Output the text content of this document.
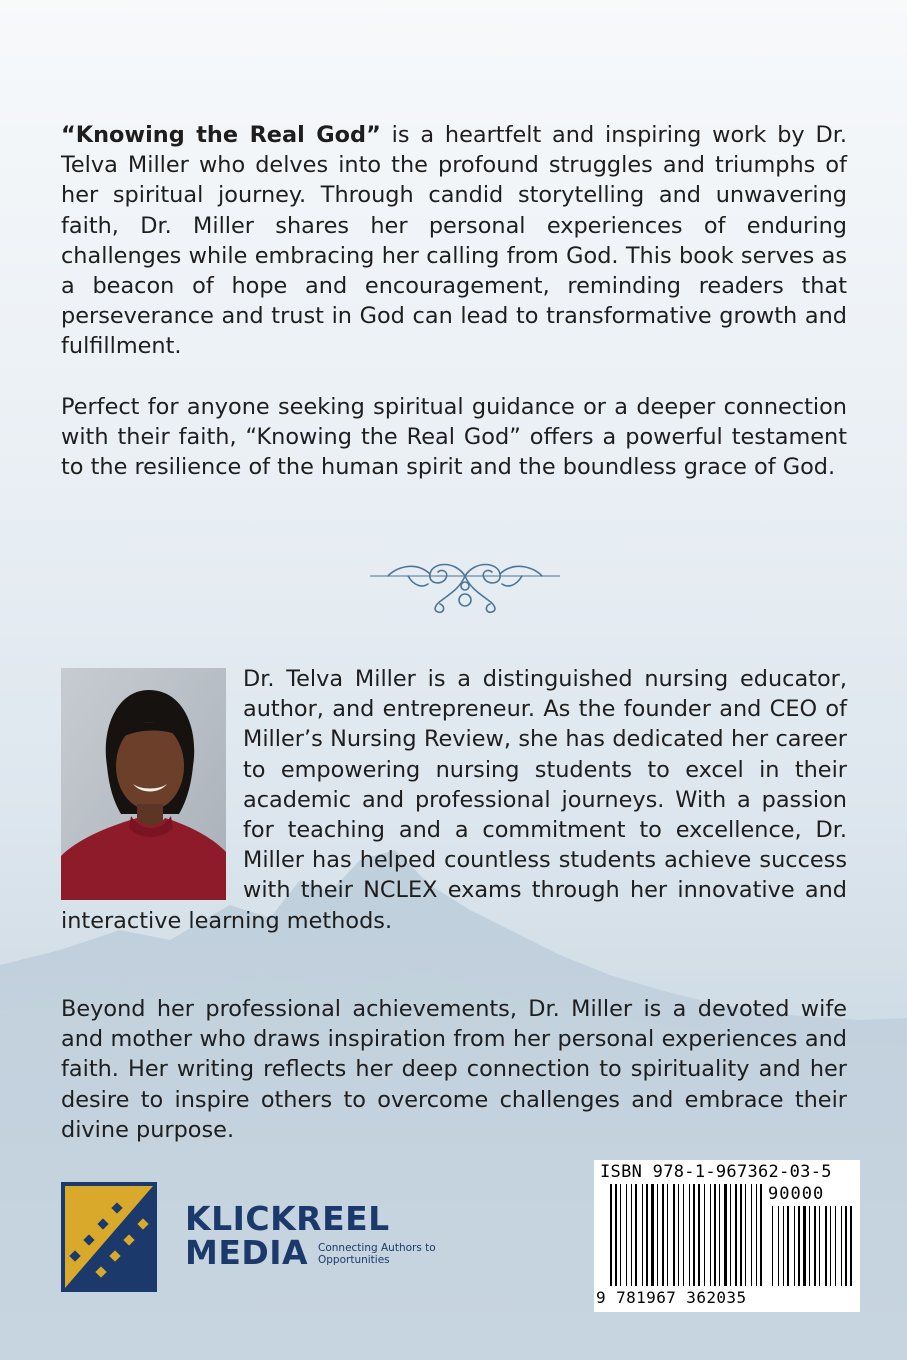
“Knowing the Real God” is a heartfelt and inspiring work by Dr. Telva Miller who delves into the profound struggles and triumphs of her spiritual journey. Through candid storytelling and unwavering faith, Dr. Miller shares her personal experiences of enduring challenges while embracing her calling from God. This book serves as a beacon of hope and encouragement, reminding readers that perseverance and trust in God can lead to transformative growth and fulfillment.
Perfect for anyone seeking spiritual guidance or a deeper connection with their faith, “Knowing the Real God” offers a powerful testament to the resilience of the human spirit and the boundless grace of God.
Dr. Telva Miller is a distinguished nursing educator, author, and entrepreneur. As the founder and CEO of Miller’s Nursing Review, she has dedicated her career to empowering nursing students to excel in their academic and professional journeys. With a passion for teaching and a commitment to excellence, Dr. Miller has helped countless students achieve success with their NCLEX exams through her innovative and interactive learning methods.
Beyond her professional achievements, Dr. Miller is a devoted wife and mother who draws inspiration from her personal experiences and faith. Her writing reflects her deep connection to spirituality and her desire to inspire others to overcome challenges and embrace their divine purpose.
KLICKREEL
MEDIA Connecting Authors to Opportunities
ISBN 978-1-967362-03-5
90000
9 781967 362035
